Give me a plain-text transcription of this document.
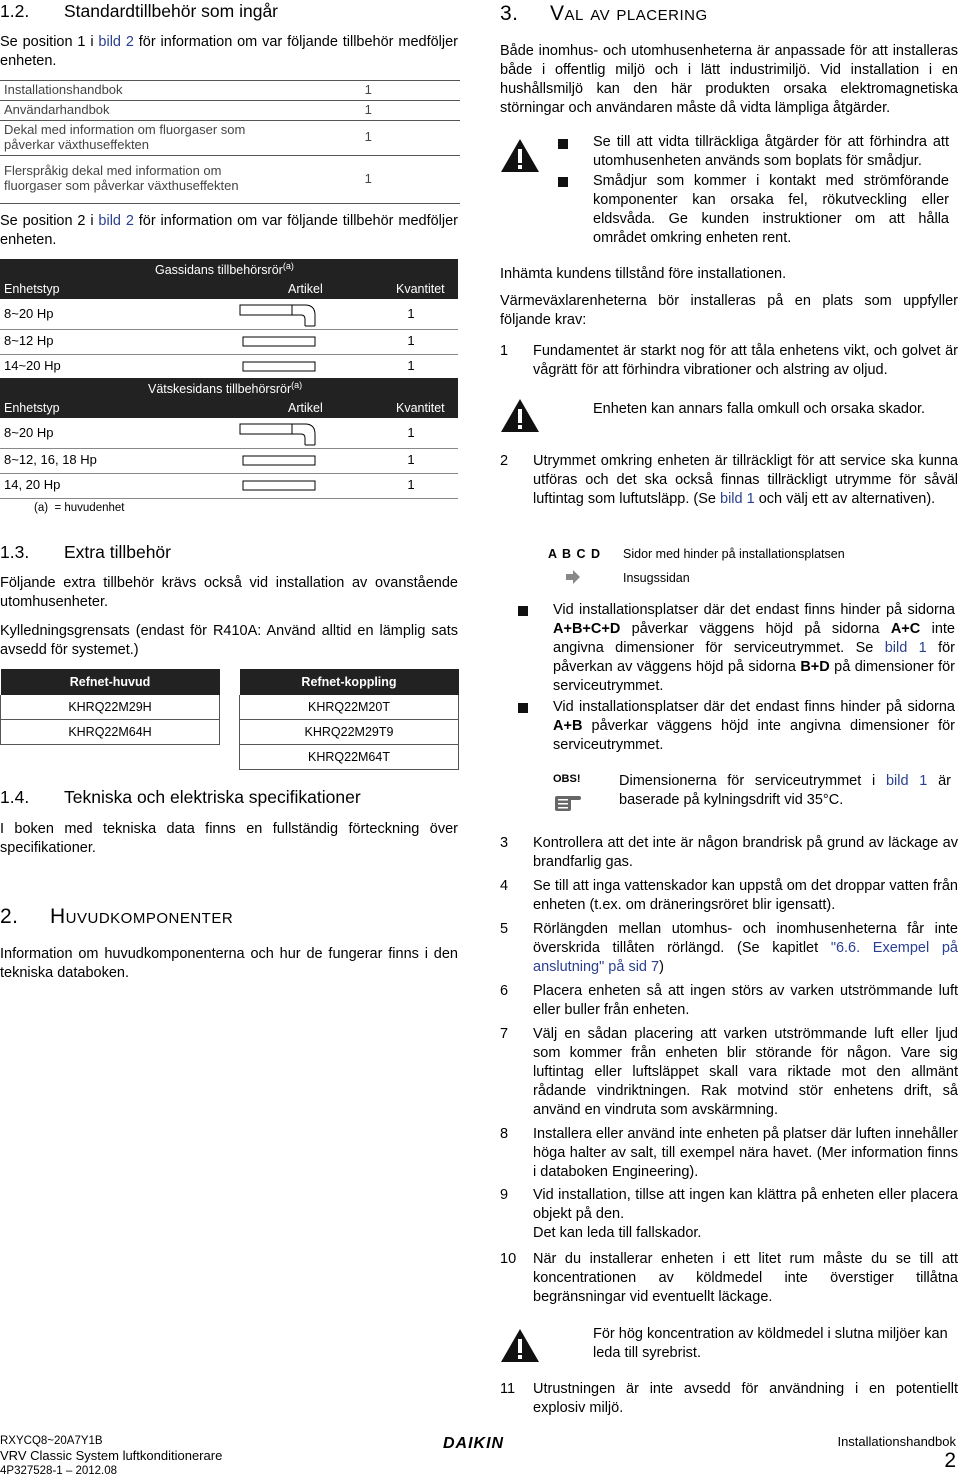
1.2. Standardtillbehör som ingår

Se position 1 i bild 2 för information om var följande tillbehör medföljer enheten.

Installationshandbok	1
Användarhandbok	1
Dekal med information om fluorgaser som påverkar växthuseffekten	1
Flerspråkig dekal med information om fluorgaser som påverkar växthuseffekten	1

Se position 2 i bild 2 för information om var följande tillbehör medföljer enheten.

Gassidans tillbehörsrör$^{(a)}$
Enhetstyp	Artikel	Kvantitet
8~20 Hp	1
8~12 Hp	1
14~20 Hp	1
Vätskesidans tillbehörsrör$^{(a)}$
Enhetstyp	Artikel	Kvantitet
8~20 Hp	1
8~12, 16, 18 Hp	1
14, 20 Hp	1
(a) = huvudenhet
1.3. Extra tillbehör

Följande extra tillbehör krävs också vid installation av ovanstående utomhusenheter.

Kylledningsgrensats (endast för R410A: Använd alltid en lämplig sats avsedd för systemet.)

Refnet-huvud
KHRQ22M29H
KHRQ22M64H
Refnet-koppling
KHRQ22M20T
KHRQ22M29T9
KHRQ22M64T
1.4. Tekniska och elektriska specifikationer

I boken med tekniska data finns en fullständig förteckning över specifikationer.

2. Huvudkomponenter

Information om huvudkomponenterna och hur de fungerar finns i den tekniska databoken.

3. Val av placering

Både inomhus- och utomhusenheterna är anpassade för att installeras både i offentlig miljö och i lätt industrimiljö. Vid installation i en hushållsmiljö kan den här produkten orsaka elektromagnetiska störningar och användaren måste då vidta lämpliga åtgärder.

Se till att vidta tillräckliga åtgärder för att förhindra att utomhusenheten används som boplats för smådjur.

Smådjur som kommer i kontakt med strömförande komponenter kan orsaka fel, rökutveckling eller eldsvåda. Ge kunden instruktioner om att hålla området omkring enheten rent.

Inhämta kundens tillstånd före installationen.

Värmeväxlarenheterna bör installeras på en plats som uppfyller följande krav:

1 Fundamentet är starkt nog för att tåla enhetens vikt, och golvet är vågrätt för att förhindra vibrationer och alstring av oljud.

Enheten kan annars falla omkull och orsaka skador.

2 Utrymmet omkring enheten är tillräckligt för att service ska kunna utföras och det ska också finnas tillräckligt utrymme för såväl luftintag som luftutsläpp. (Se bild 1 och välj ett av alternativen).

A B C D Sidor med hinder på installationsplatsen
Insugssidan

Vid installationsplatser där det endast finns hinder på sidorna A+B+C+D påverkar väggens höjd på sidorna A+C inte angivna dimensioner för serviceutrymmet. Se bild 1 för påverkan av väggens höjd på sidorna B+D på dimensioner för serviceutrymmet.

Vid installationsplatser där det endast finns hinder på sidorna A+B påverkar väggens höjd inte angivna dimensioner för serviceutrymmet.

OBS!	Dimensionerna för serviceutrymmet i bild 1 är baserade på kylningsdrift vid 35°C.

3 Kontrollera att det inte är någon brandrisk på grund av läckage av brandfarlig gas.

4 Se till att inga vattenskador kan uppstå om det droppar vatten från enheten (t.ex. om dräneringsröret blir igensatt).

5 Rörlängden mellan utomhus- och inomhusenheterna får inte överskrida tillåten rörlängd. (Se kapitlet "6.6. Exempel på anslutning" på sid 7)

6 Placera enheten så att ingen störs av varken utströmmande luft eller buller från enheten.

7 Välj en sådan placering att varken utströmmande luft eller ljud som kommer från enheten blir störande för någon. Vare sig luftintag eller luftsläppet skall vara riktade mot den allmänt rådande vindriktningen. Rak motvind stör enhetens drift, så använd en vindruta som avskärmning.

8 Installera eller använd inte enheten på platser där luften innehåller höga halter av salt, till exempel nära havet. (Mer information finns i databoken Engineering).

9 Vid installation, tillse att ingen kan klättra på enheten eller placera objekt på den.

Det kan leda till fallskador.

10 När du installerar enheten i ett litet rum måste du se till att koncentrationen av köldmedel inte överstiger tillåtna begränsningar vid eventuellt läckage.

För hög koncentration av köldmedel i slutna miljöer kan leda till syrebrist.

11 Utrustningen är inte avsedd för användning i en potentiellt explosiv miljö.

RXYCQ8~20A7Y1B
VRV Classic System luftkonditionerare
4P327528-1 – 2012.08
DAIKIN	Installationshandbok
2
